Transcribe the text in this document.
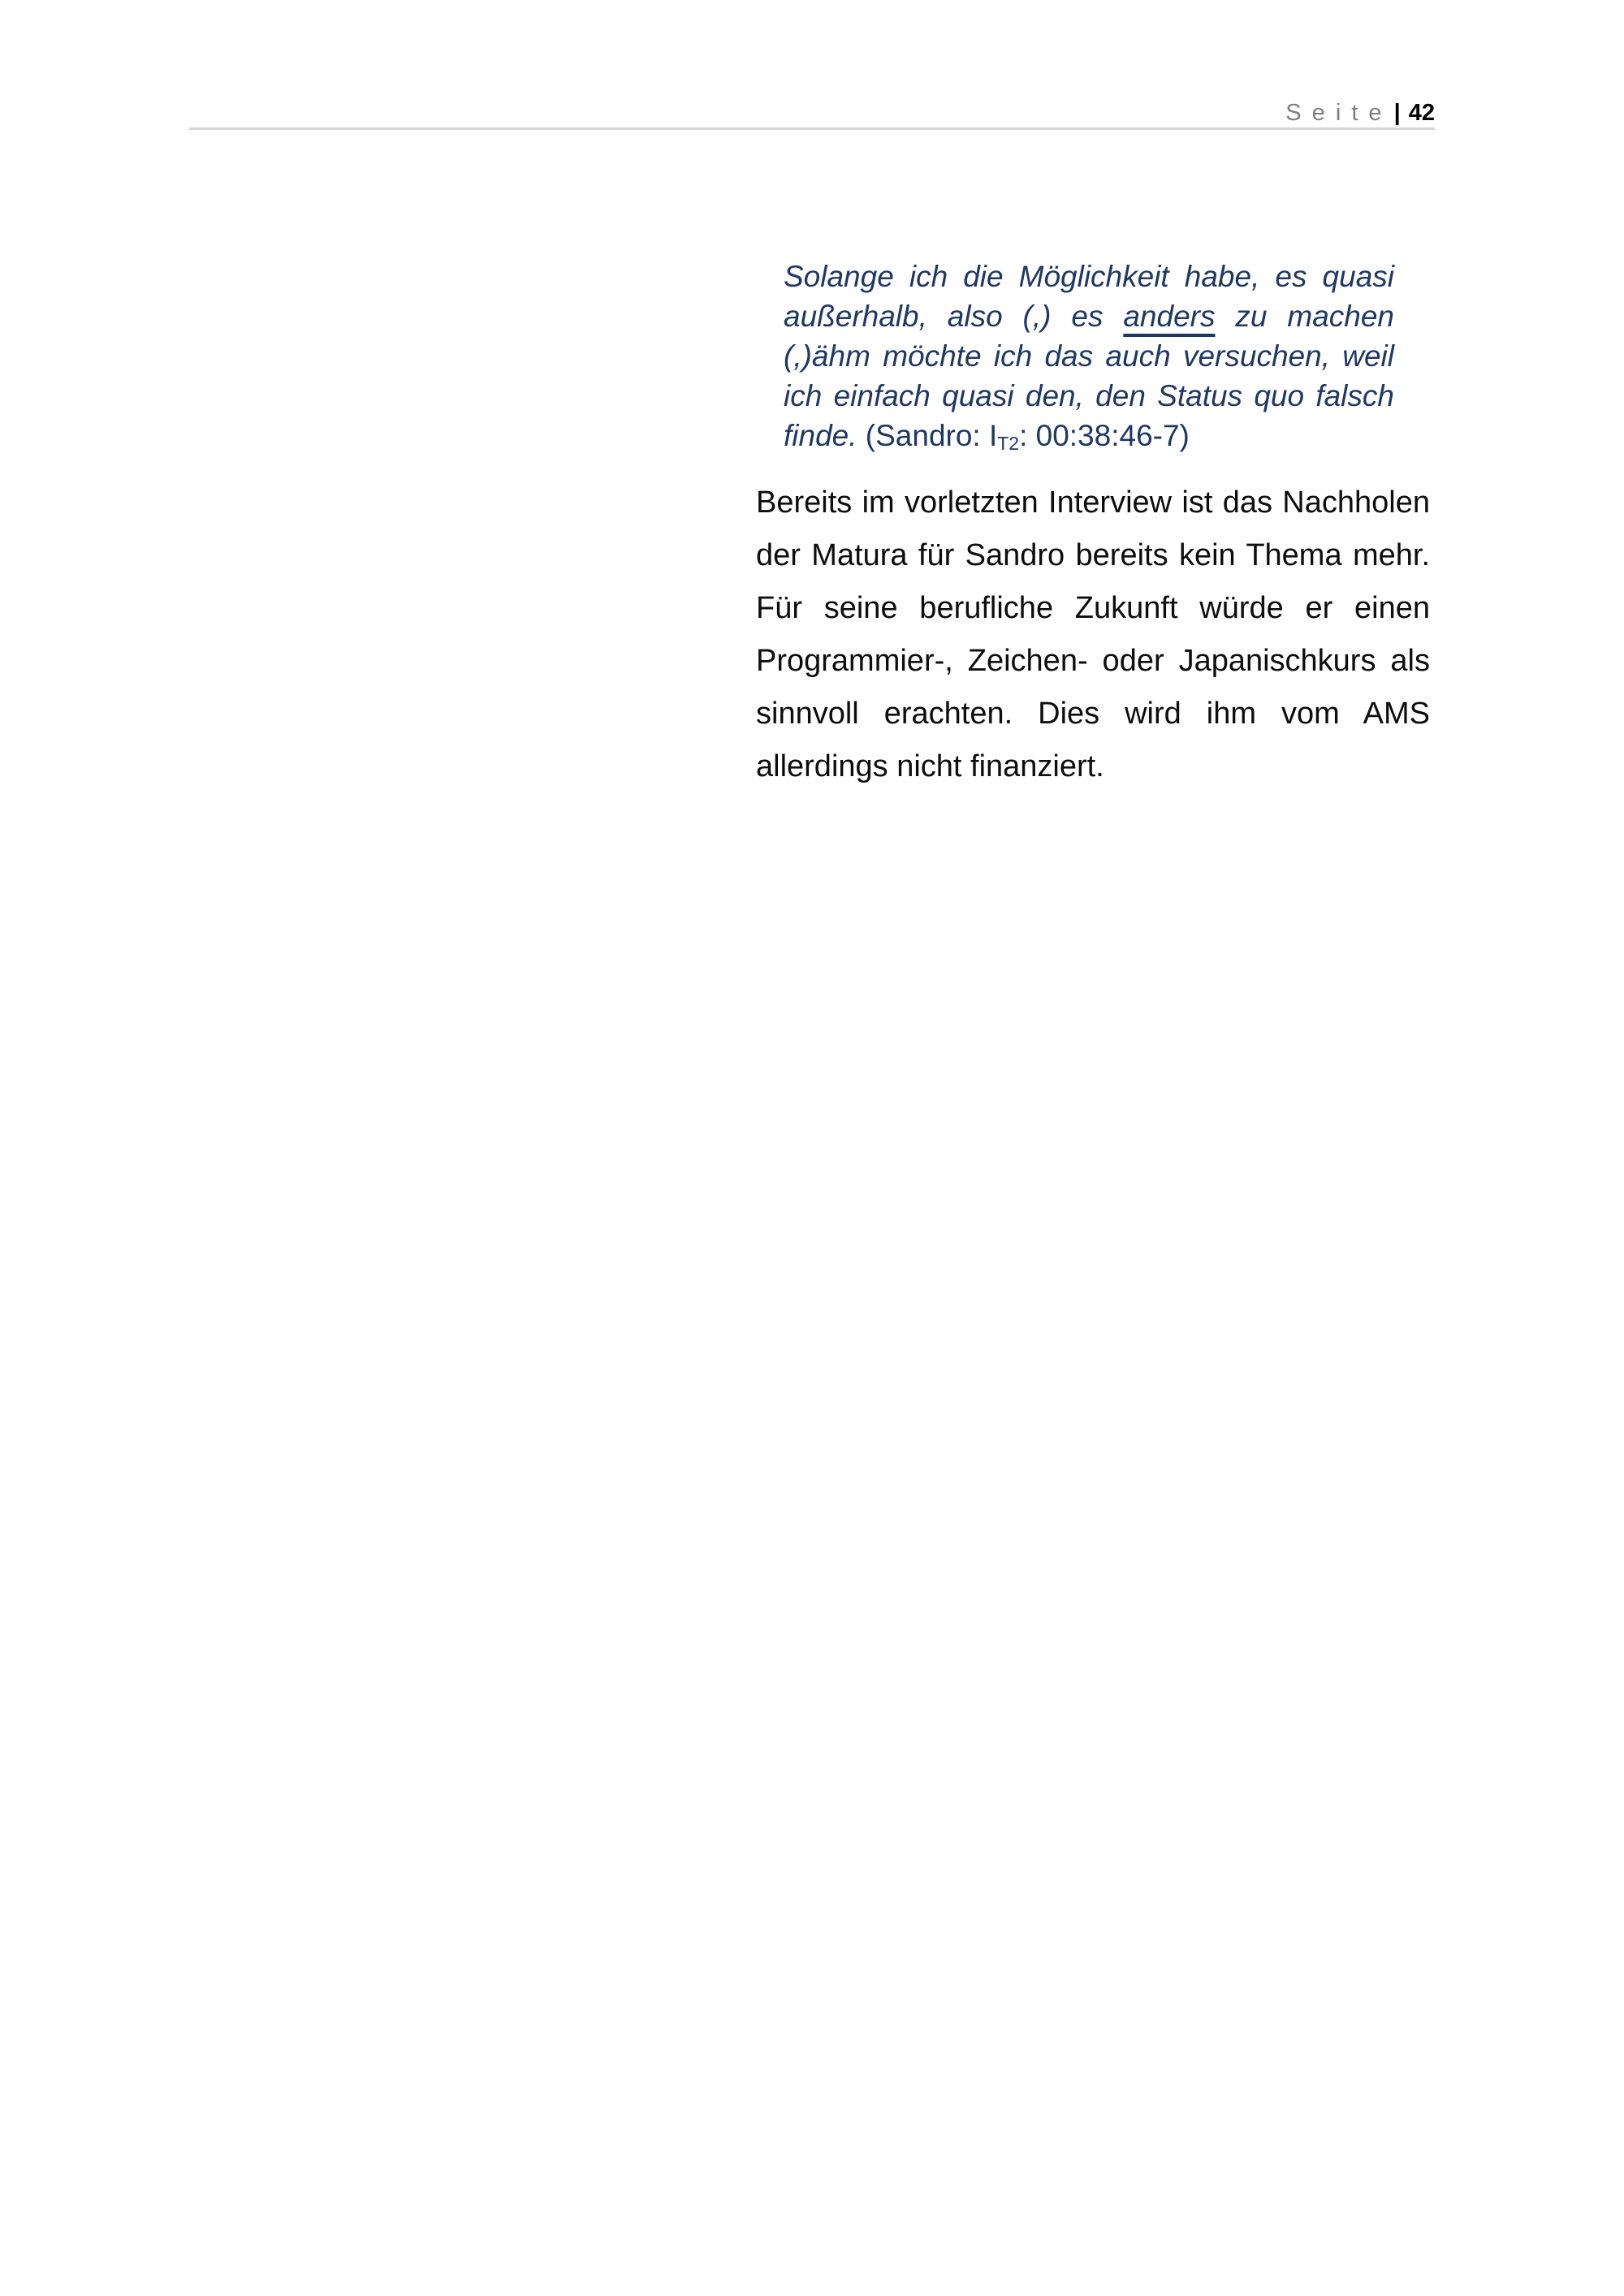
Seite| 42

Solange ich die Möglichkeit habe, es quasi

außerhalb, also (,) es anders zu machen

(,)ähm möchte ich das auch versuchen, weil

ich einfach quasi den, den Status quo falsch

finde. (Sandro: $I_{T2}$: 00:38:46-7)

Bereits im vorletzten Interview ist das Nachholen

der Matura für Sandro bereits kein Thema mehr.

Für seine berufliche Zukunft würde er einen

Programmier-, Zeichen- oder Japanischkurs als

sinnvoll erachten. Dies wird ihm vom AMS

allerdings nicht finanziert.
